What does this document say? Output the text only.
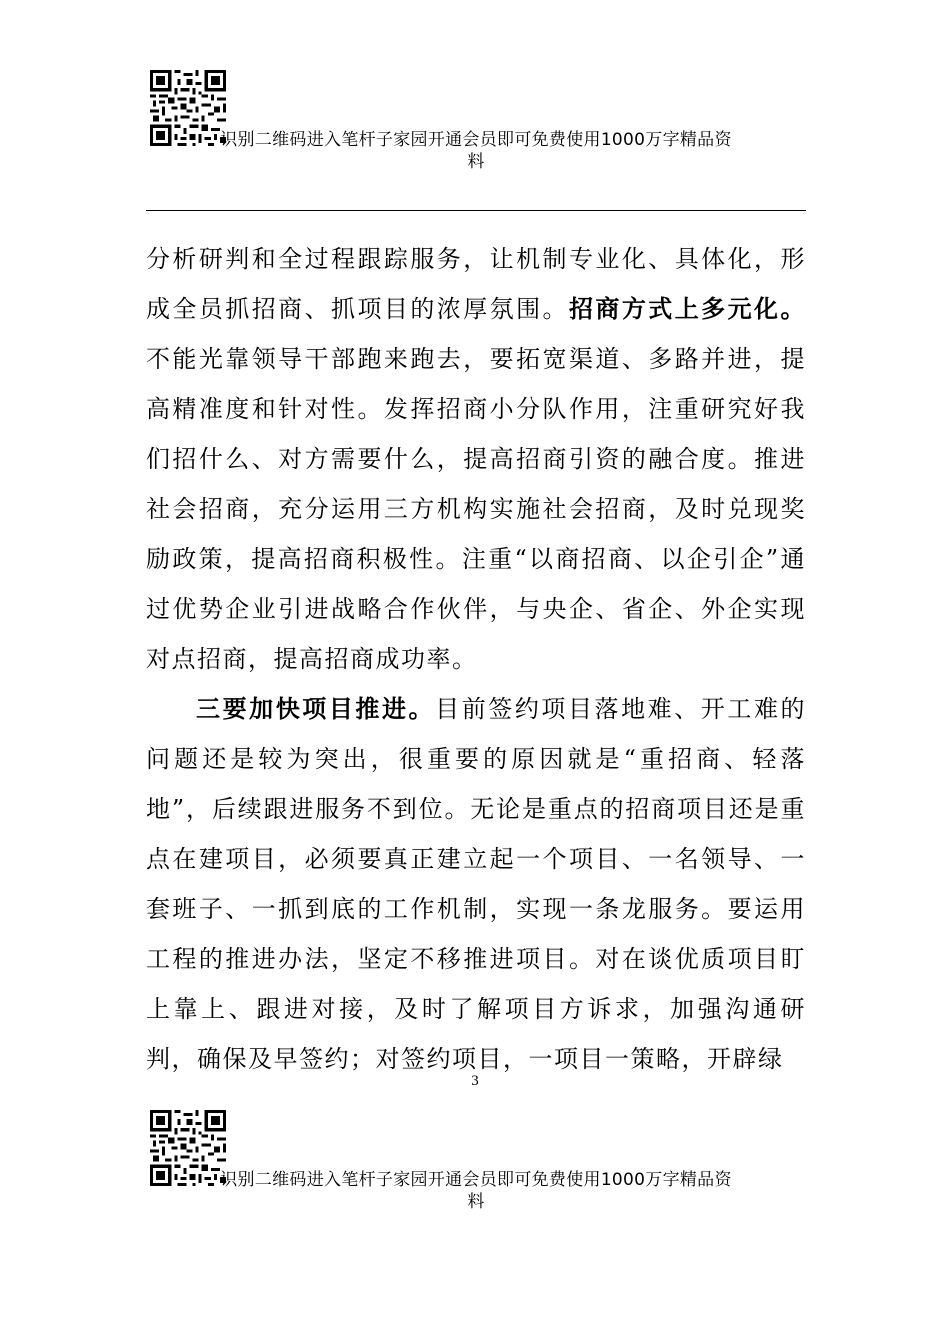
识别二维码进入笔杆子家园开通会员即可免费使用1000万字精品资
料

分析研判和全过程跟踪服务，让机制专业化、具体化，形成全员抓招商、抓项目的浓厚氛围。招商方式上多元化。不能光靠领导干部跑来跑去，要拓宽渠道、多路并进，提高精准度和针对性。发挥招商小分队作用，注重研究好我们招什么、对方需要什么，提高招商引资的融合度。推进社会招商，充分运用三方机构实施社会招商，及时兑现奖励政策，提高招商积极性。注重“以商招商、以企引企”通过优势企业引进战略合作伙伴，与央企、省企、外企实现对点招商，提高招商成功率。

三要加快项目推进。目前签约项目落地难、开工难的问题还是较为突出，很重要的原因就是“重招商、轻落地”，后续跟进服务不到位。无论是重点的招商项目还是重点在建项目，必须要真正建立起一个项目、一名领导、一套班子、一抓到底的工作机制，实现一条龙服务。要运用工程的推进办法，坚定不移推进项目。对在谈优质项目盯上靠上、跟进对接，及时了解项目方诉求，加强沟通研判，确保及早签约；对签约项目，一项目一策略，开辟绿

3
识别二维码进入笔杆子家园开通会员即可免费使用1000万字精品资
料
